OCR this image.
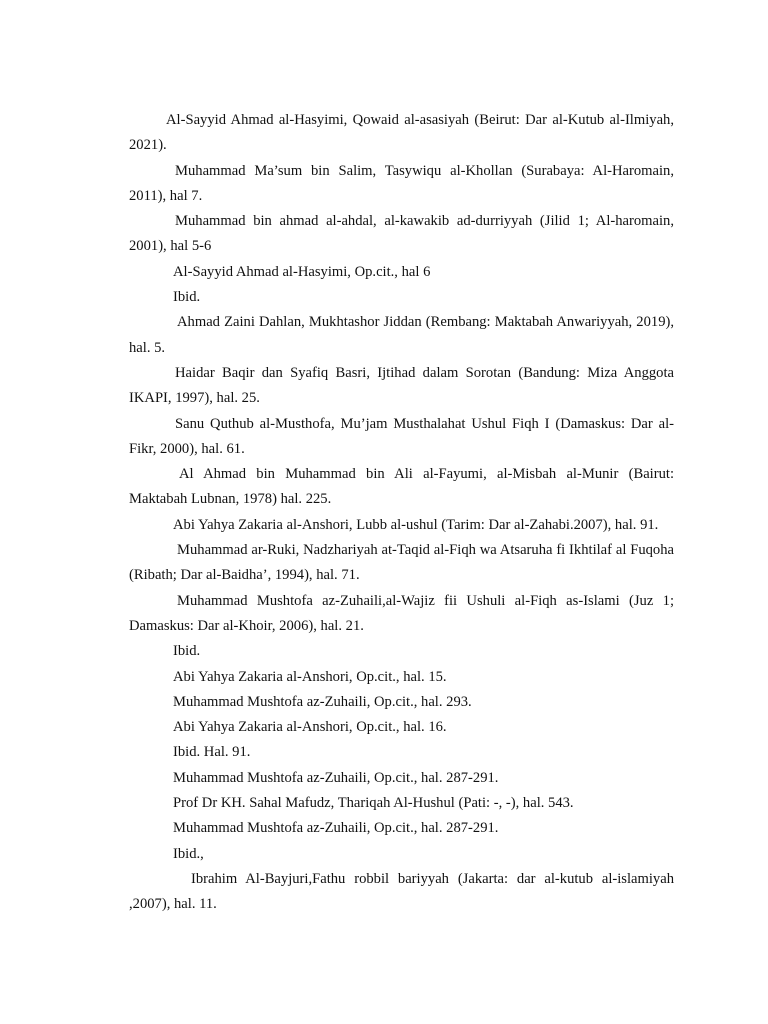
Al-Sayyid Ahmad al-Hasyimi, Qowaid al-asasiyah (Beirut: Dar al-Kutub al-Ilmiyah, 2021).

Muhammad Ma’sum bin Salim, Tasywiqu al-Khollan (Surabaya: Al-Haromain, 2011), hal 7.

Muhammad bin ahmad al-ahdal, al-kawakib ad-durriyyah (Jilid 1; Al-haromain, 2001), hal 5-6

Al-Sayyid Ahmad al-Hasyimi, Op.cit., hal 6

Ibid.

Ahmad Zaini Dahlan, Mukhtashor Jiddan (Rembang: Maktabah Anwariyyah, 2019), hal. 5.

Haidar Baqir dan Syafiq Basri, Ijtihad dalam Sorotan (Bandung: Miza Anggota IKAPI, 1997), hal. 25.

Sanu Quthub al-Musthofa, Mu’jam Musthalahat Ushul Fiqh I (Damaskus: Dar al-Fikr, 2000), hal. 61.

Al Ahmad bin Muhammad bin Ali al-Fayumi, al-Misbah al-Munir (Bairut: Maktabah Lubnan, 1978) hal. 225.

Abi Yahya Zakaria al-Anshori, Lubb al-ushul (Tarim: Dar al-Zahabi.2007), hal. 91.

Muhammad ar-Ruki, Nadzhariyah at-Taqid al-Fiqh wa Atsaruha fi Ikhtilaf al Fuqoha (Ribath; Dar al-Baidha’, 1994), hal. 71.

Muhammad Mushtofa az-Zuhaili,al-Wajiz fii Ushuli al-Fiqh as-Islami (Juz 1; Damaskus: Dar al-Khoir, 2006), hal. 21.

Ibid.

Abi Yahya Zakaria al-Anshori, Op.cit., hal. 15.

Muhammad Mushtofa az-Zuhaili, Op.cit., hal. 293.

Abi Yahya Zakaria al-Anshori, Op.cit., hal. 16.

Ibid. Hal. 91.

Muhammad Mushtofa az-Zuhaili, Op.cit., hal. 287-291.

Prof Dr KH. Sahal Mafudz, Thariqah Al-Hushul (Pati: -, -), hal. 543.

Muhammad Mushtofa az-Zuhaili, Op.cit., hal. 287-291.

Ibid.,

Ibrahim Al-Bayjuri,Fathu robbil bariyyah (Jakarta: dar al-kutub al-islamiyah ,2007), hal. 11.
